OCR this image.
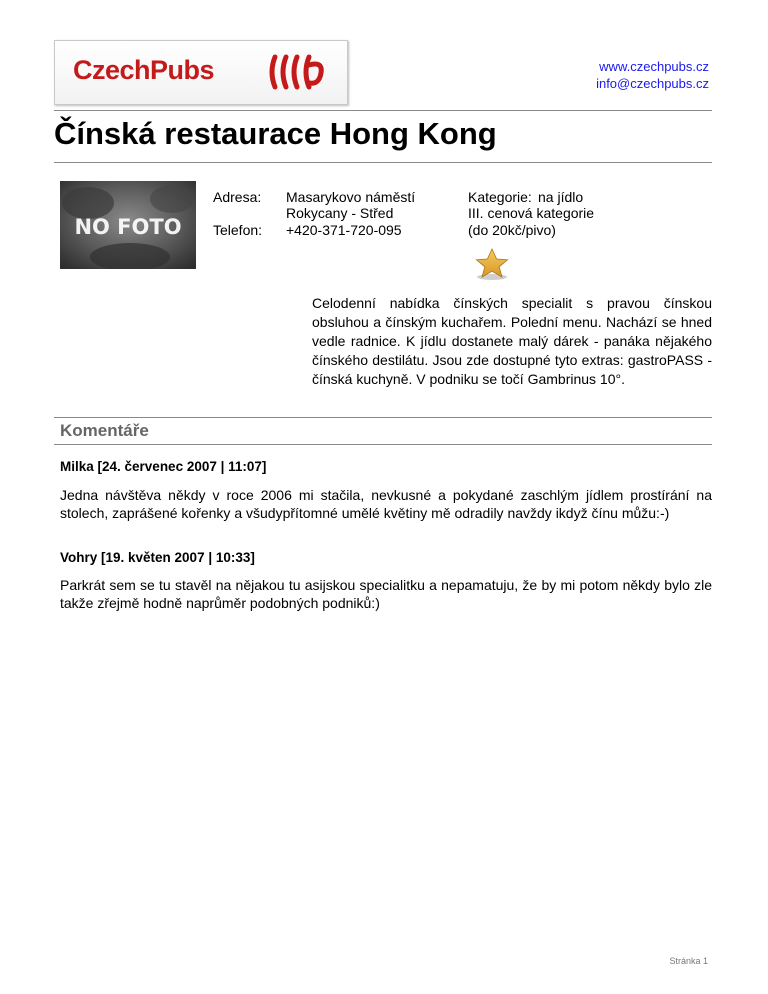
CzechPubs	www.czechpubs.cz
info@czechpubs.cz
Čínská restaurace Hong Kong
NO FOTO
Adresa: Masarykovo náměstí
Rokycany - Střed
Telefon: +420-371-720-095
Kategorie: na jídlo
III. cenová kategorie
(do 20kč/pivo)

Celodenní nabídka čínských specialit s pravou čínskou obsluhou a čínským kuchařem. Polední menu. Nachází se hned vedle radnice. K jídlu dostanete malý dárek - panáka nějakého čínského destilátu. Jsou zde dostupné tyto extras: gastroPASS - čínská kuchyně. V podniku se točí Gambrinus 10°.

Komentáře

Milka [24. červenec 2007 | 11:07]

Jedna návštěva někdy v roce 2006 mi stačila, nevkusné a pokydané zaschlým jídlem prostírání na stolech, zaprášené kořenky a všudypřítomné umělé květiny mě odradily navždy ikdyž čínu můžu:-)

Vohry [19. květen 2007 | 10:33]

Parkrát sem se tu stavěl na nějakou tu asijskou specialitku a nepamatuju, že by mi potom někdy bylo zle takže zřejmě hodně naprůměr podobných podniků:)

Stránka 1
